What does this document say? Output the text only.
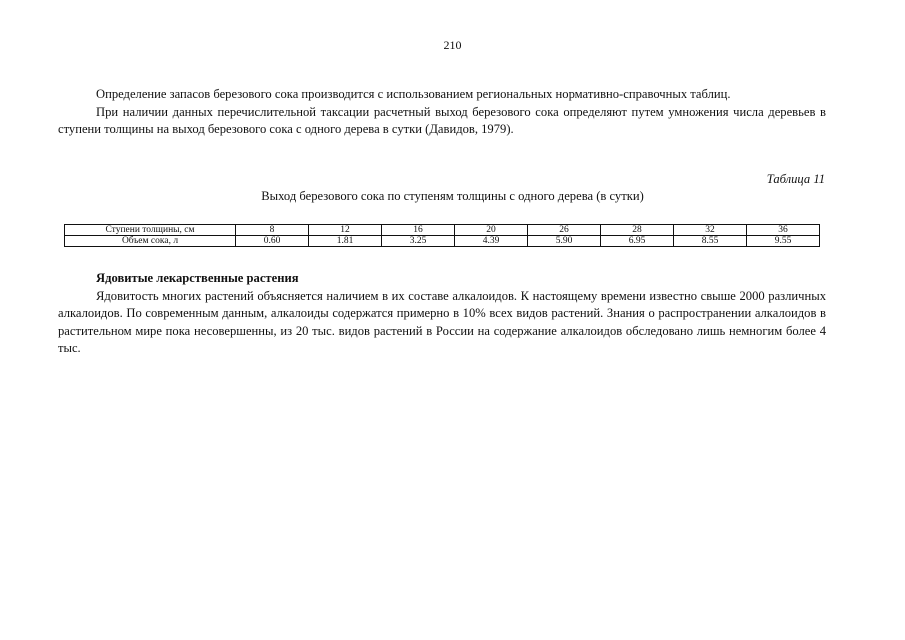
210

Определение запасов березового сока производится с использованием региональных нормативно-справочных таблиц.

При наличии данных перечислительной таксации расчетный выход березового сока определяют путем умножения числа деревьев в ступени толщины на выход березового сока с одного дерева в сутки (Давидов, 1979).

Таблица 11
Выход березового сока по ступеням толщины с одного дерева (в сутки)
Ступени толщины, см	8	12	16	20	26	28	32	36
Объем сока, л	0.60	1.81	3.25	4.39	5.90	6.95	8.55	9.55

Ядовитые лекарственные растения

Ядовитость многих растений объясняется наличием в их составе алкалоидов. К настоящему времени известно свыше 2000 различных алкалоидов. По современным данным, алкалоиды содержатся примерно в 10% всех видов растений. Знания о распространении алкалоидов в растительном мире пока несовершенны, из 20 тыс. видов растений в России на содержание алкалоидов обследовано лишь немногим более 4 тыс.
